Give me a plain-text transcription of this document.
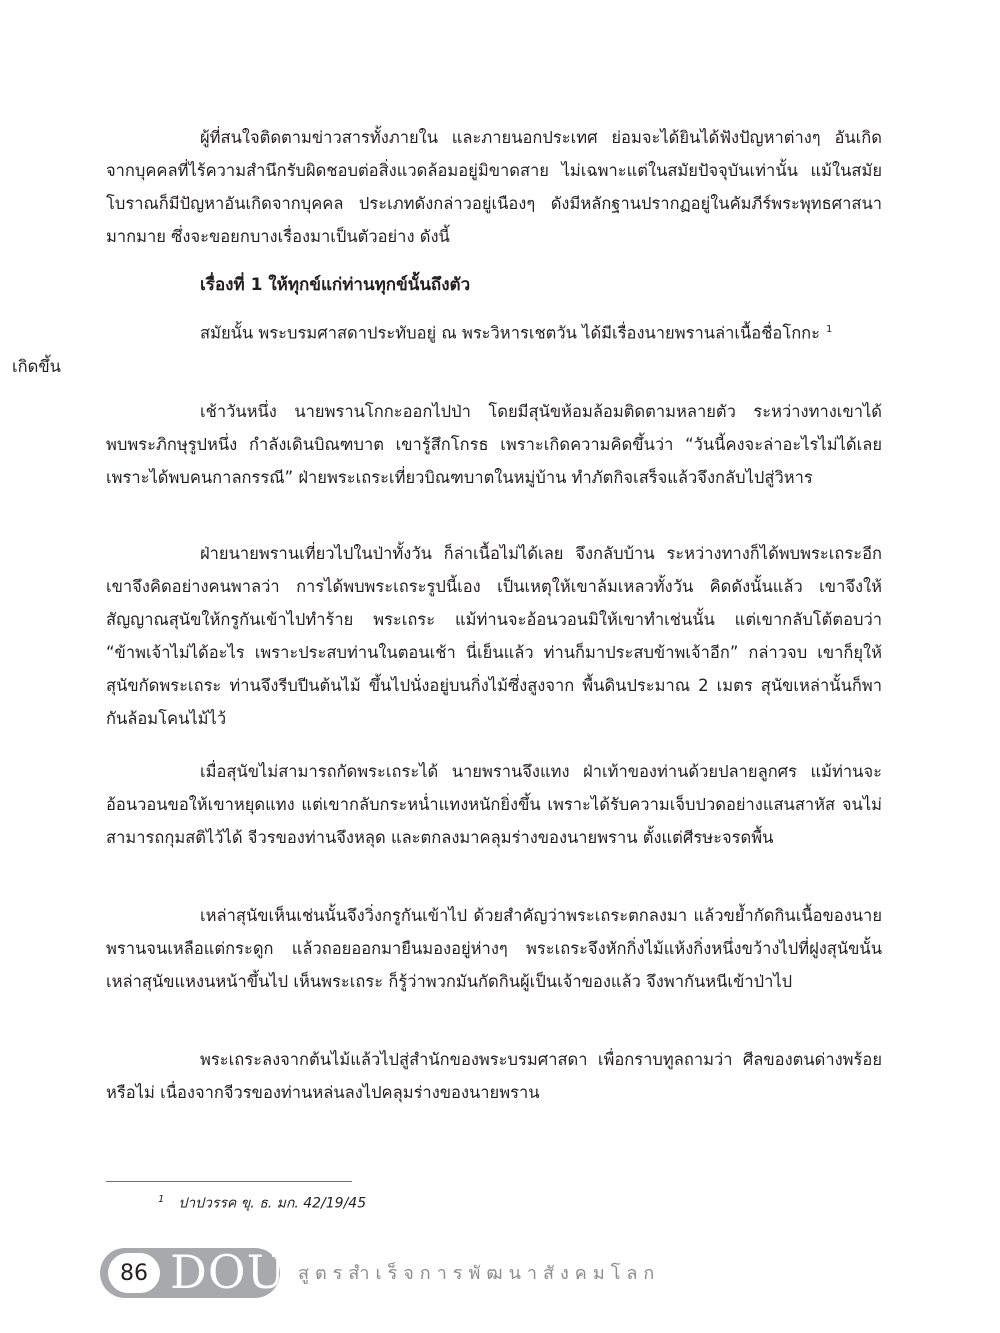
ผู้ที่สนใจติดตามข่าวสารทั้งภายใน และภายนอกประเทศ ย่อมจะได้ยินได้ฟังปัญหาต่างๆ อันเกิดจากบุคคลที่ไร้ความสำนึกรับผิดชอบต่อสิ่งแวดล้อมอยู่มิขาดสาย ไม่เฉพาะแต่ในสมัยปัจจุบันเท่านั้น แม้ในสมัยโบราณก็มีปัญหาอันเกิดจากบุคคล ประเภทดังกล่าวอยู่เนืองๆ ดังมีหลักฐานปรากฏอยู่ในคัมภีร์พระพุทธศาสนามากมาย ซึ่งจะขอยกบางเรื่องมาเป็นตัวอย่าง ดังนี้

เรื่องที่ 1 ให้ทุกข์แก่ท่านทุกข์นั้นถึงตัว

สมัยนั้น พระบรมศาสดาประทับอยู่ ณ พระวิหารเชตวัน ได้มีเรื่องนายพรานล่าเนื้อชื่อโกกะ $^1$
เกิดขึ้น

เช้าวันหนึ่ง นายพรานโกกะออกไปป่า โดยมีสุนัขห้อมล้อมติดตามหลายตัว ระหว่างทางเขาได้พบพระภิกษุรูปหนึ่ง กำลังเดินบิณฑบาต เขารู้สึกโกรธ เพราะเกิดความคิดขึ้นว่า “วันนี้คงจะล่าอะไรไม่ได้เลย เพราะได้พบคนกาลกรรณี” ฝ่ายพระเถระเที่ยวบิณฑบาตในหมู่บ้าน ทำภัตกิจเสร็จแล้วจึงกลับไปสู่วิหาร

ฝ่ายนายพรานเที่ยวไปในป่าทั้งวัน ก็ล่าเนื้อไม่ได้เลย จึงกลับบ้าน ระหว่างทางก็ได้พบพระเถระอีก เขาจึงคิดอย่างคนพาลว่า การได้พบพระเถระรูปนี้เอง เป็นเหตุให้เขาล้มเหลวทั้งวัน คิดดังนั้นแล้ว เขาจึงให้สัญญาณสุนัขให้กรูกันเข้าไปทำร้าย พระเถระ แม้ท่านจะอ้อนวอนมิให้เขาทำเช่นนั้น แต่เขากลับโต้ตอบว่า “ข้าพเจ้าไม่ได้อะไร เพราะประสบท่านในตอนเช้า นี่เย็นแล้ว ท่านก็มาประสบข้าพเจ้าอีก” กล่าวจบ เขาก็ยุให้สุนัขกัดพระเถระ ท่านจึงรีบปีนต้นไม้ ขึ้นไปนั่งอยู่บนกิ่งไม้ซึ่งสูงจาก พื้นดินประมาณ 2 เมตร สุนัขเหล่านั้นก็พากันล้อมโคนไม้ไว้

เมื่อสุนัขไม่สามารถกัดพระเถระได้ นายพรานจึงแทง ฝ่าเท้าของท่านด้วยปลายลูกศร แม้ท่านจะอ้อนวอนขอให้เขาหยุดแทง แต่เขากลับกระหน่ำแทงหนักยิ่งขึ้น เพราะได้รับความเจ็บปวดอย่างแสนสาหัส จนไม่สามารถกุมสติไว้ได้ จีวรของท่านจึงหลุด และตกลงมาคลุมร่างของนายพราน ตั้งแต่ศีรษะจรดพื้น

เหล่าสุนัขเห็นเช่นนั้นจึงวิ่งกรูกันเข้าไป ด้วยสำคัญว่าพระเถระตกลงมา แล้วขย้ำกัดกินเนื้อของนายพรานจนเหลือแต่กระดูก แล้วถอยออกมายืนมองอยู่ห่างๆ พระเถระจึงหักกิ่งไม้แห้งกิ่งหนึ่งขว้างไปที่ฝูงสุนัขนั้น เหล่าสุนัขแหงนหน้าขึ้นไป เห็นพระเถระ ก็รู้ว่าพวกมันกัดกินผู้เป็นเจ้าของแล้ว จึงพากันหนีเข้าป่าไป

พระเถระลงจากต้นไม้แล้วไปสู่สำนักของพระบรมศาสดา เพื่อกราบทูลถามว่า ศีลของตนด่างพร้อยหรือไม่ เนื่องจากจีวรของท่านหล่นลงไปคลุมร่างของนายพราน

$^1$ ปาปวรรค ขุ. ธ. มก. 42/19/45
86 DOU สูตรสำเร็จการพัฒนาสังคมโลก
